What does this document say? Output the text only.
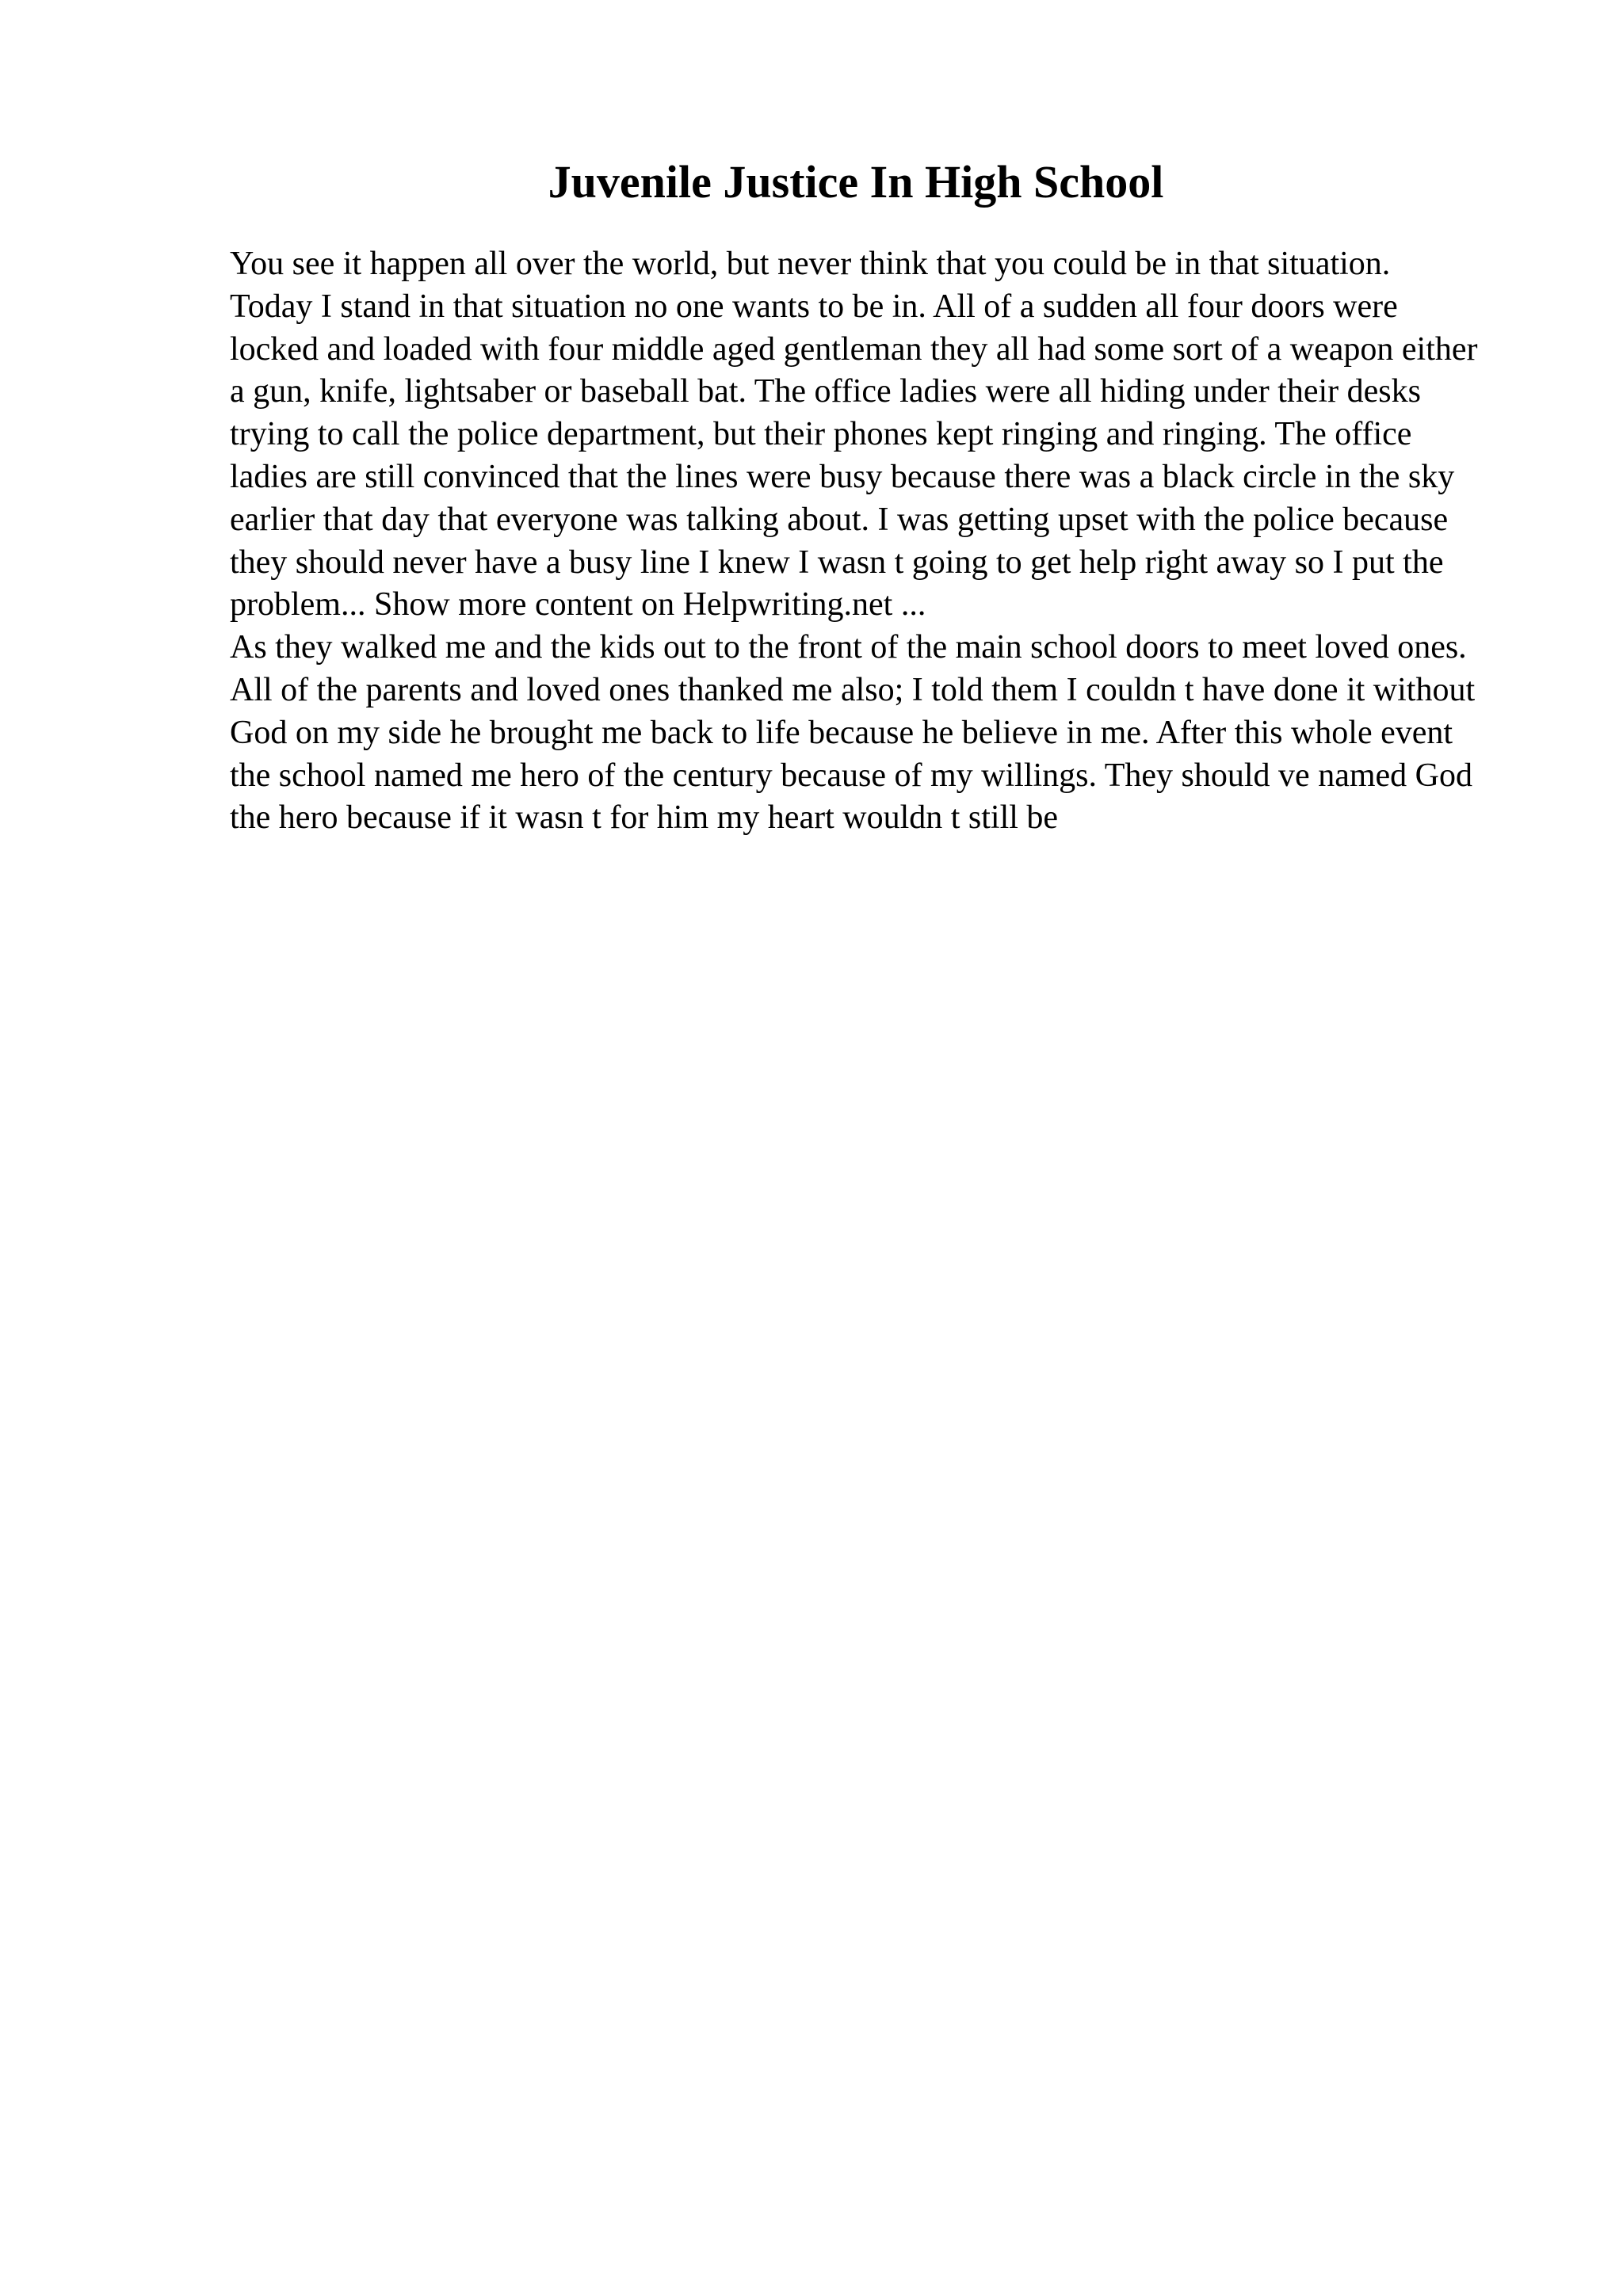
Juvenile Justice In High School

You see it happen all over the world, but never think that you could be in that situation. Today I stand in that situation no one wants to be in. All of a sudden all four doors were locked and loaded with four middle aged gentleman they all had some sort of a weapon either a gun, knife, lightsaber or baseball bat. The office ladies were all hiding under their desks trying to call the police department, but their phones kept ringing and ringing. The office ladies are still convinced that the lines were busy because there was a black circle in the sky earlier that day that everyone was talking about. I was getting upset with the police because they should never have a busy line I knew I wasn t going to get help right away so I put the problem... Show more content on Helpwriting.net ...

As they walked me and the kids out to the front of the main school doors to meet loved ones. All of the parents and loved ones thanked me also; I told them I couldn t have done it without God on my side he brought me back to life because he believe in me. After this whole event the school named me hero of the century because of my willings. They should ve named God the hero because if it wasn t for him my heart wouldn t still be
